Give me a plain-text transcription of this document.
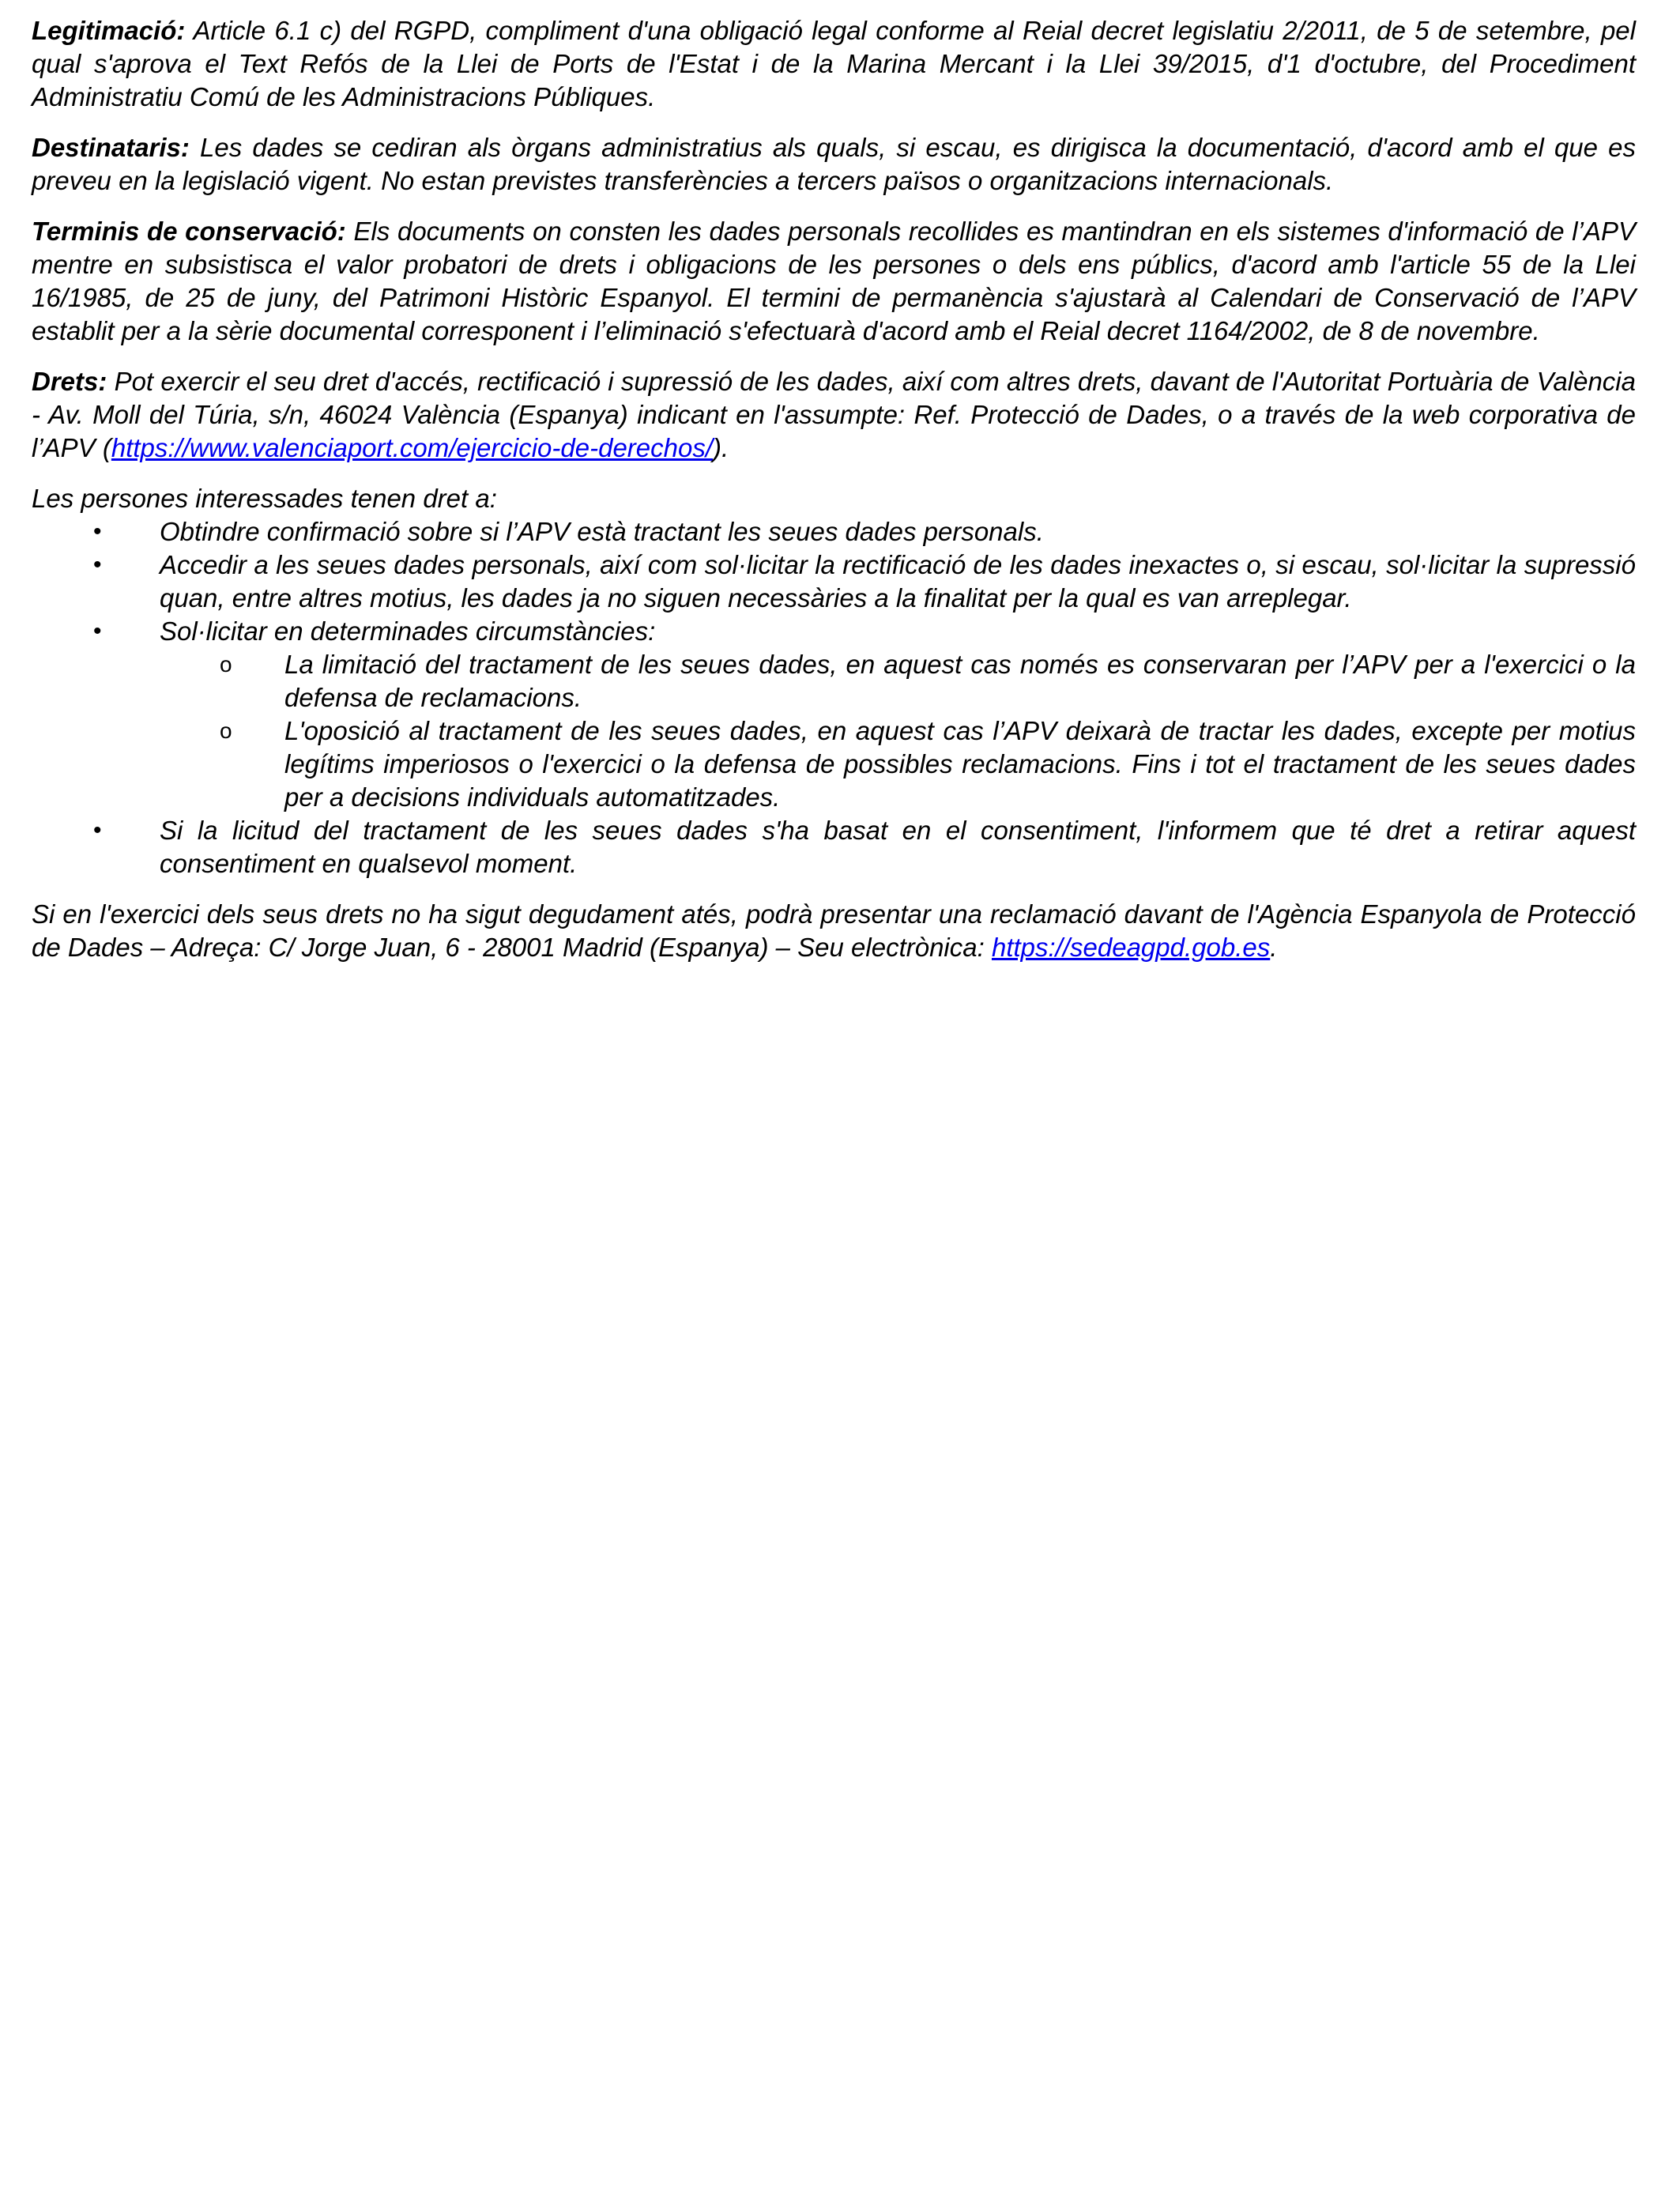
Legitimació: Article 6.1 c) del RGPD, compliment d'una obligació legal conforme al Reial decret legislatiu 2/2011, de 5 de setembre, pel qual s'aprova el Text Refós de la Llei de Ports de l'Estat i de la Marina Mercant i la Llei 39/2015, d'1 d'octubre, del Procediment Administratiu Comú de les Administracions Públiques.

Destinataris: Les dades se cediran als òrgans administratius als quals, si escau, es dirigisca la documentació, d'acord amb el que es preveu en la legislació vigent. No estan previstes transferències a tercers països o organitzacions internacionals.

Terminis de conservació: Els documents on consten les dades personals recollides es mantindran en els sistemes d'informació de l’APV mentre en subsistisca el valor probatori de drets i obligacions de les persones o dels ens públics, d'acord amb l'article 55 de la Llei 16/1985, de 25 de juny, del Patrimoni Històric Espanyol. El termini de permanència s'ajustarà al Calendari de Conservació de l’APV establit per a la sèrie documental corresponent i l’eliminació s'efectuarà d'acord amb el Reial decret 1164/2002, de 8 de novembre.

Drets: Pot exercir el seu dret d'accés, rectificació i supressió de les dades, així com altres drets, davant de l'Autoritat Portuària de València - Av. Moll del Túria, s/n, 46024 València (Espanya) indicant en l'assumpte: Ref. Protecció de Dades, o a través de la web corporativa de l’APV (https://www.valenciaport.com/ejercicio-de-derechos/).

Les persones interessades tenen dret a:

• Obtindre confirmació sobre si l’APV està tractant les seues dades personals.
• Accedir a les seues dades personals, així com sol·licitar la rectificació de les dades inexactes o, si escau, sol·licitar la supressió quan, entre altres motius, les dades ja no siguen necessàries a la finalitat per la qual es van arreplegar.
• Sol·licitar en determinades circumstàncies:
o La limitació del tractament de les seues dades, en aquest cas només es conservaran per l’APV per a l'exercici o la defensa de reclamacions.
o L'oposició al tractament de les seues dades, en aquest cas l’APV deixarà de tractar les dades, excepte per motius legítims imperiosos o l'exercici o la defensa de possibles reclamacions. Fins i tot el tractament de les seues dades per a decisions individuals automatitzades.
• Si la licitud del tractament de les seues dades s'ha basat en el consentiment, l'informem que té dret a retirar aquest consentiment en qualsevol moment.

Si en l'exercici dels seus drets no ha sigut degudament atés, podrà presentar una reclamació davant de l'Agència Espanyola de Protecció de Dades – Adreça: C/ Jorge Juan, 6 - 28001 Madrid (Espanya) – Seu electrònica: https://sedeagpd.gob.es.
